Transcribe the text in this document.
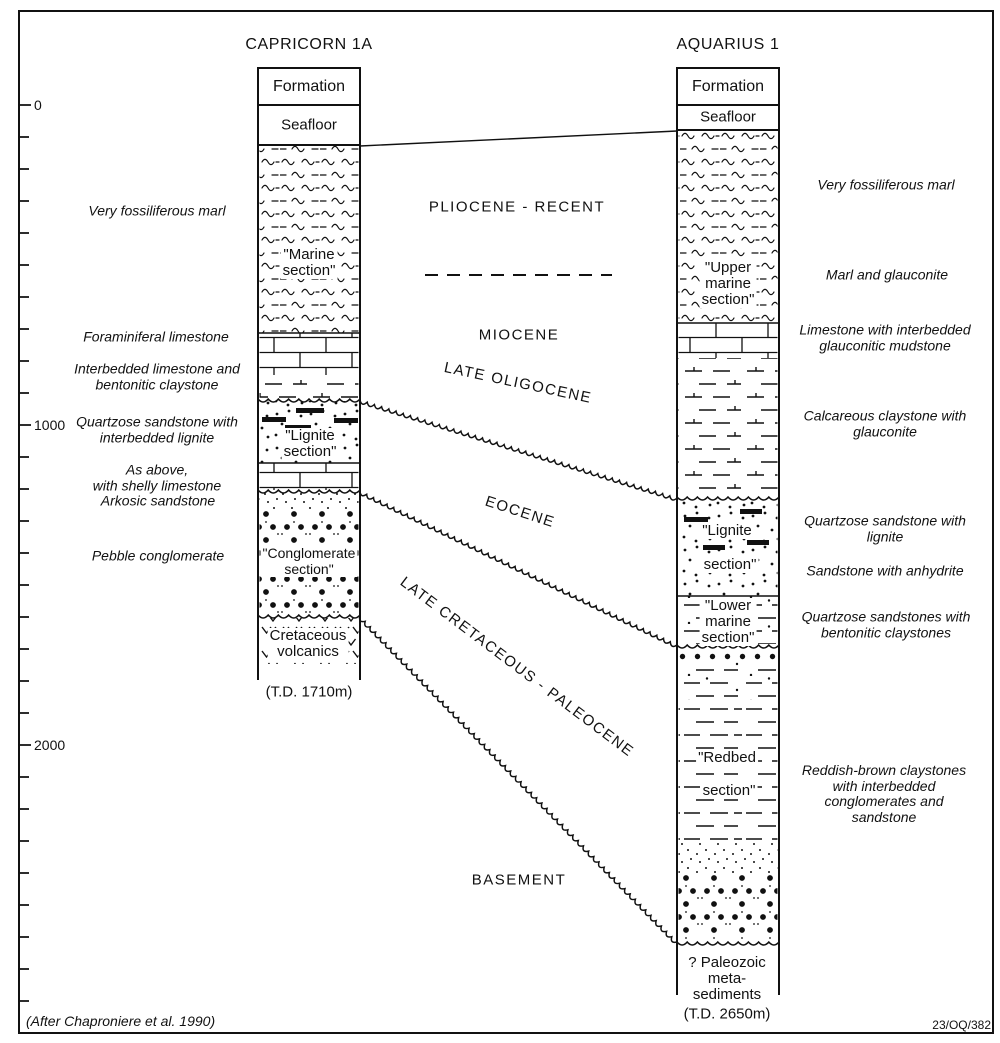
CAPRICORN 1A	AQUARIUS 1
Formation	Formation
Seafloor	Seafloor
0
1000
2000
PLIOCENE - RECENT
MIOCENE
LATE OLIGOCENE
EOCENE
LATE CRETACEOUS - PALEOCENE
BASEMENT
"Marine
section"
"Lignite
section"
"Conglomerate
section"
Cretaceous
volcanics
(T.D. 1710m)
"Upper
marine
section"
"Lignite
section"
"Lower
marine
section"
"Redbed
section"
? Paleozoic
meta-
sediments
(T.D. 2650m)
Very fossiliferous marl
Foraminiferal limestone
Interbedded limestone and
bentonitic claystone
Quartzose sandstone with
interbedded lignite
As above,
with shelly limestone
Arkosic sandstone
Pebble conglomerate
Very fossiliferous marl
Marl and glauconite
Limestone with interbedded
glauconitic mudstone
Calcareous claystone with
glauconite
Quartzose sandstone with
lignite
Sandstone with anhydrite
Quartzose sandstones with
bentonitic claystones
Reddish-brown claystones
with interbedded
conglomerates and
sandstone
(After Chaproniere et al. 1990)	23/OQ/382
